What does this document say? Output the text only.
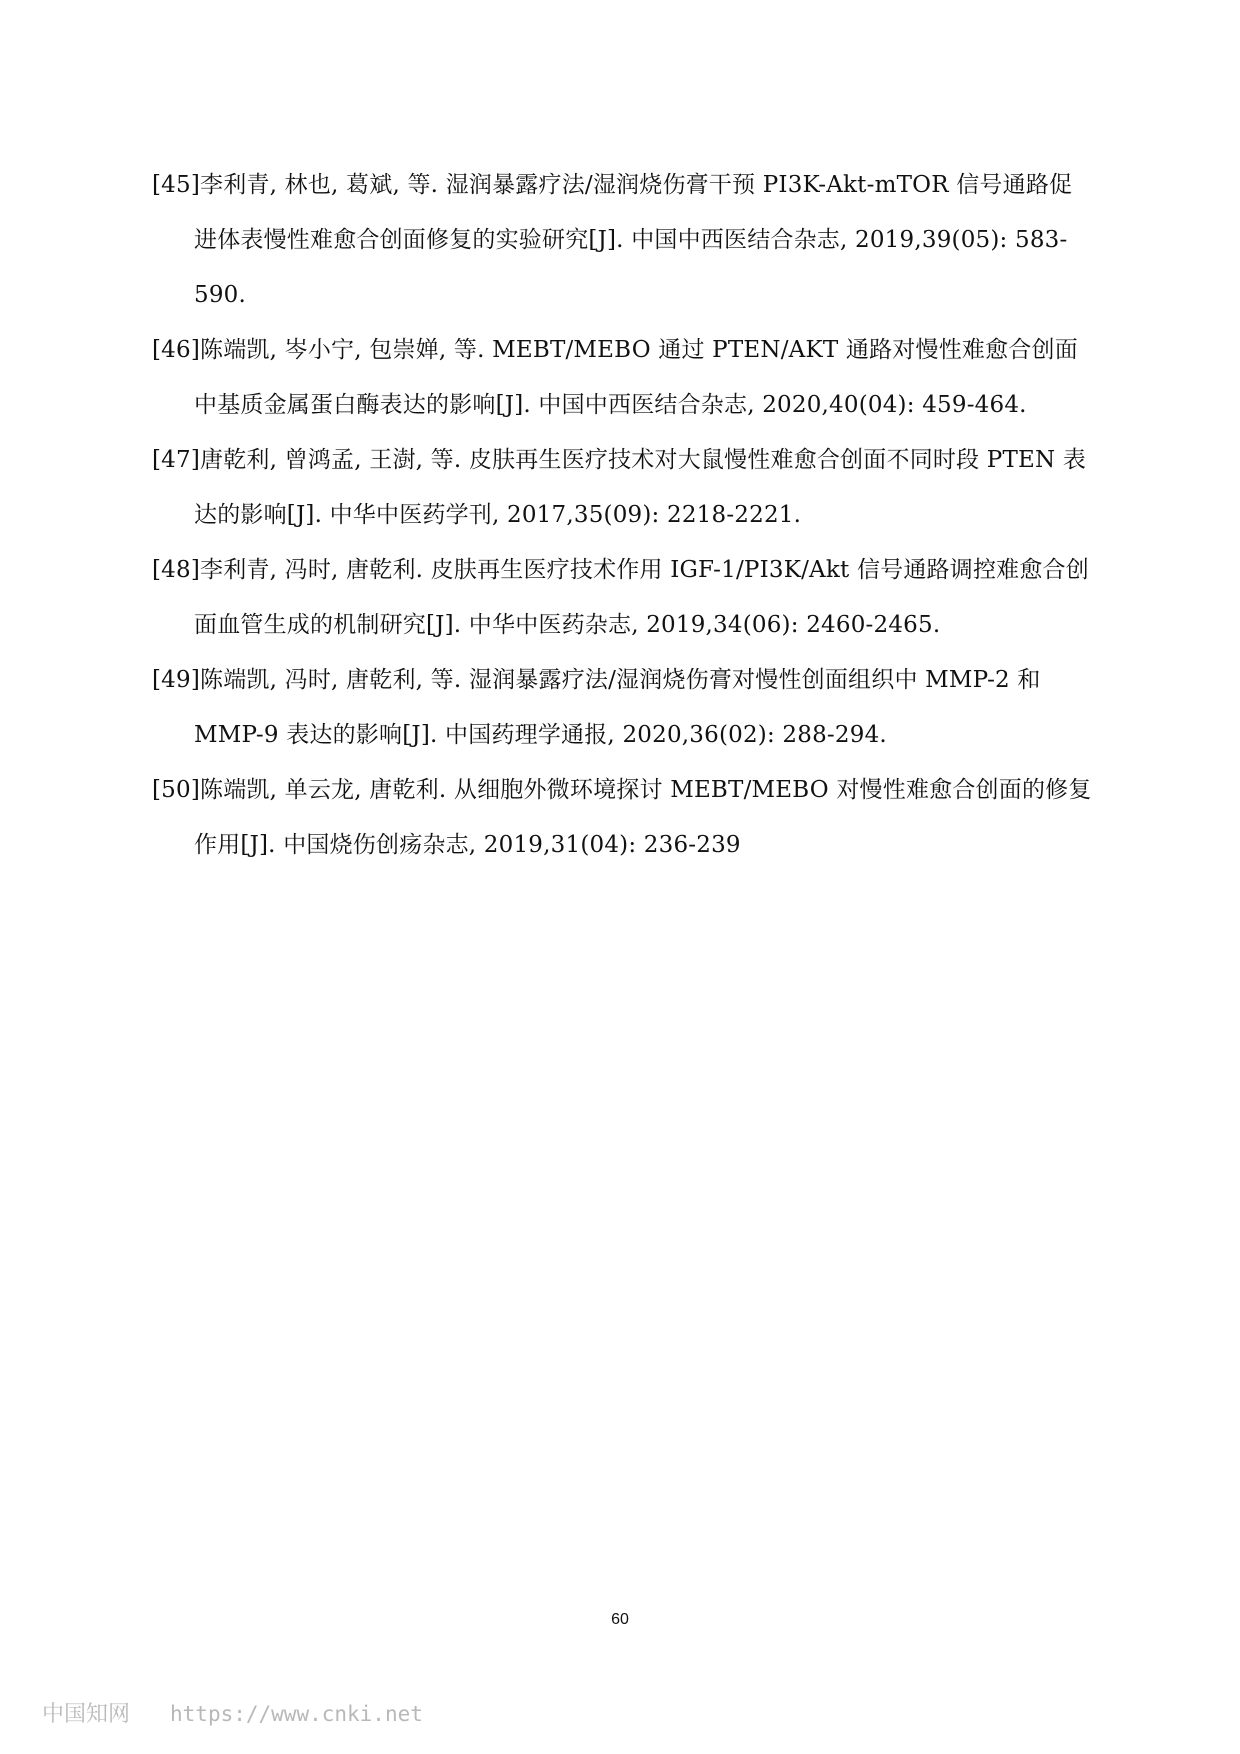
[45]李利青, 林也, 葛斌, 等. 湿润暴露疗法/湿润烧伤膏干预 PI3K-Akt-mTOR 信号通路促进体表慢性难愈合创面修复的实验研究[J]. 中国中西医结合杂志, 2019,39(05): 583-590.

[46]陈端凯, 岑小宁, 包崇婵, 等. MEBT/MEBO 通过 PTEN/AKT 通路对慢性难愈合创面中基质金属蛋白酶表达的影响[J]. 中国中西医结合杂志, 2020,40(04): 459-464.

[47]唐乾利, 曾鸿孟, 王澍, 等. 皮肤再生医疗技术对大鼠慢性难愈合创面不同时段 PTEN 表达的影响[J]. 中华中医药学刊, 2017,35(09): 2218-2221.

[48]李利青, 冯时, 唐乾利. 皮肤再生医疗技术作用 IGF-1/PI3K/Akt 信号通路调控难愈合创面血管生成的机制研究[J]. 中华中医药杂志, 2019,34(06): 2460-2465.

[49]陈端凯, 冯时, 唐乾利, 等. 湿润暴露疗法/湿润烧伤膏对慢性创面组织中 MMP-2 和 MMP-9 表达的影响[J]. 中国药理学通报, 2020,36(02): 288-294.

[50]陈端凯, 单云龙, 唐乾利. 从细胞外微环境探讨 MEBT/MEBO 对慢性难愈合创面的修复作用[J]. 中国烧伤创疡杂志, 2019,31(04): 236-239

60
中国知网 https://www.cnki.net
